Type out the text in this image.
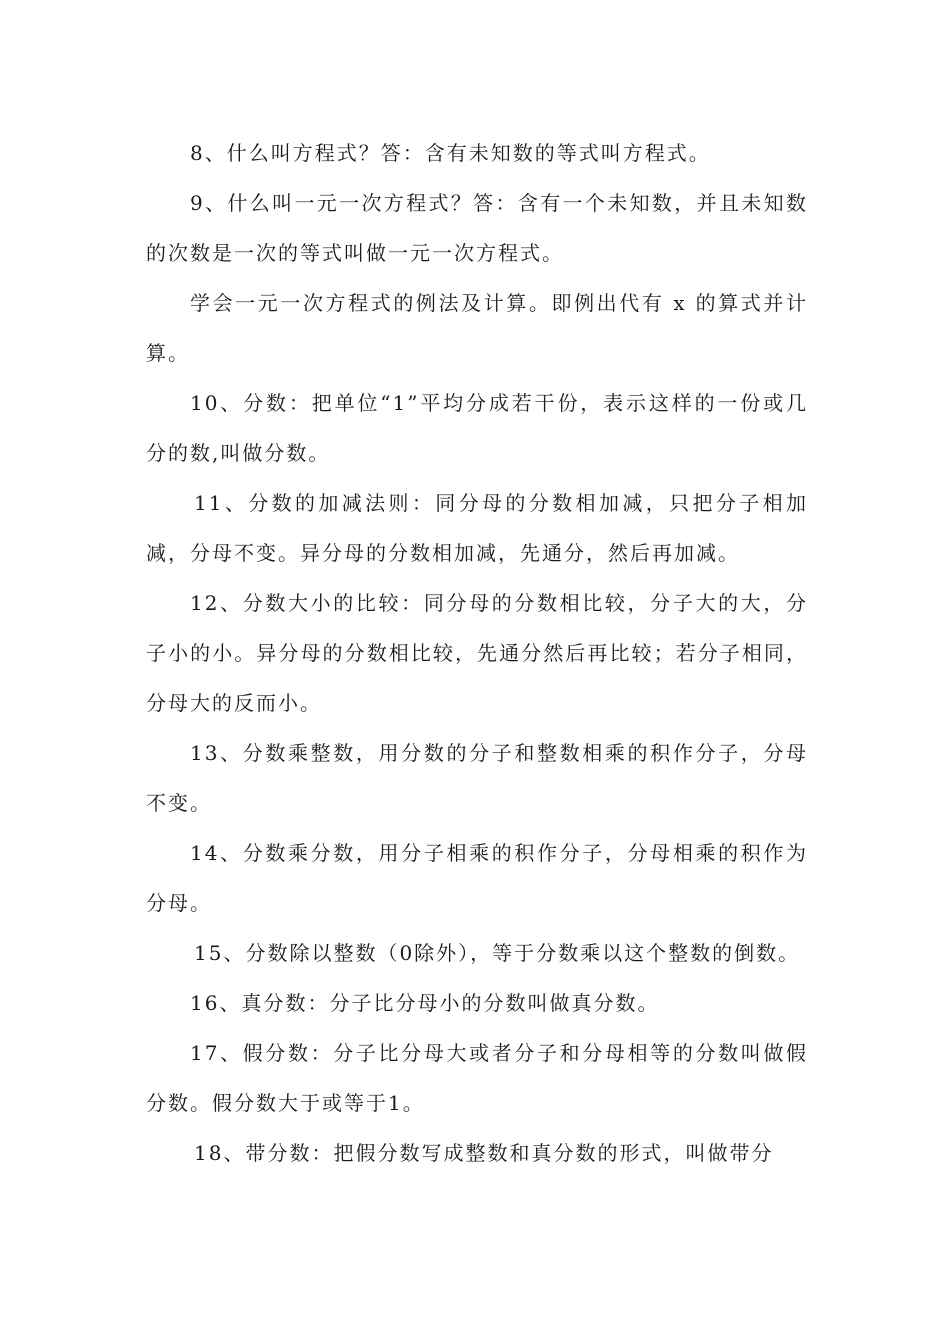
8、什么叫方程式？答：含有未知数的等式叫方程式。

9、什么叫一元一次方程式？答：含有一个未知数，并且未知数的次数是一次的等式叫做一元一次方程式。

学会一元一次方程式的例法及计算。即例出代有 x 的算式并计算。

10、分数：把单位“1”平均分成若干份，表示这样的一份或几分的数,叫做分数。

11、分数的加减法则：同分母的分数相加减，只把分子相加减，分母不变。异分母的分数相加减，先通分，然后再加减。

12、分数大小的比较：同分母的分数相比较，分子大的大，分子小的小。异分母的分数相比较，先通分然后再比较；若分子相同，分母大的反而小。

13、分数乘整数，用分数的分子和整数相乘的积作分子，分母不变。

14、分数乘分数，用分子相乘的积作分子，分母相乘的积作为分母。

15、分数除以整数（0除外），等于分数乘以这个整数的倒数。

16、真分数：分子比分母小的分数叫做真分数。

17、假分数：分子比分母大或者分子和分母相等的分数叫做假分数。假分数大于或等于1。

18、带分数：把假分数写成整数和真分数的形式，叫做带分
